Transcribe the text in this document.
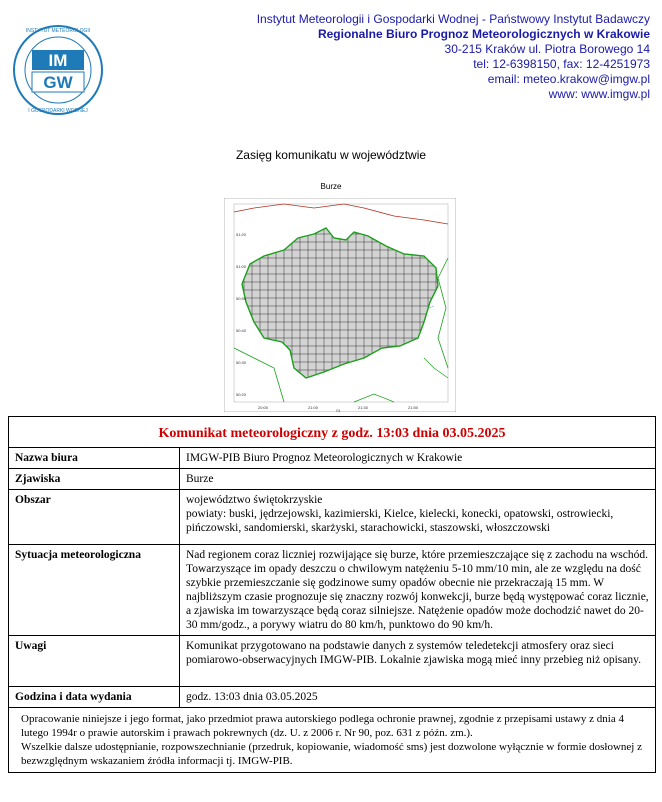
INSTYTUT METEOROLOGII
I GOSPODARKI WODNEJ
IM
GW
Instytut Meteorologii i Gospodarki Wodnej - Państwowy Instytut Badawczy
Regionalne Biuro Prognoz Meteorologicznych w Krakowie
30-215 Kraków ul. Piotra Borowego 14
tel: 12-6398150, fax: 12-4251973
email: meteo.krakow@imgw.pl
www: www.imgw.pl
Zasięg komunikatu w województwie
Burze
51:20
51:00
50:50
50:40
50:30
50:20
20:00	21:00	21:30	21:50
G1
Komunikat meteorologiczny z godz. 13:03 dnia 03.05.2025	
Nazwa biura	IMGW-PIB Biuro Prognoz Meteorologicznych w Krakowie
Zjawiska	Burze
Obszar	województwo świętokrzyskie
powiaty: buski, jędrzejowski, kazimierski, Kielce, kielecki, konecki, opatowski, ostrowiecki, pińczowski, sandomierski, skarżyski, starachowicki, staszowski, włoszczowski

Sytuacja meteorologiczna	Nad regionem coraz liczniej rozwijające się burze, które przemieszczające się z zachodu na wschód. Towarzyszące im opady deszczu o chwilowym natężeniu 5-10 mm/10 min, ale ze względu na dość szybkie przemieszczanie się godzinowe sumy opadów obecnie nie przekraczają 15 mm. W najbliższym czasie prognozuje się znaczny rozwój konwekcji, burze będą występować coraz licznie, a zjawiska im towarzyszące będą coraz silniejsze. Natężenie opadów może dochodzić nawet do 20-30 mm/godz., a porywy wiatru do 80 km/h, punktowo do 90 km/h.
Uwagi	Komunikat przygotowano na podstawie danych z systemów teledetekcji atmosfery oraz sieci pomiarowo-obserwacyjnych IMGW-PIB. Lokalnie zjawiska mogą mieć inny przebieg niż opisany.
Godzina i data wydania	godz. 13:03 dnia 03.05.2025

Opracowanie niniejsze i jego format, jako przedmiot prawa autorskiego podlega ochronie prawnej, zgodnie z przepisami ustawy z dnia 4 lutego 1994r o prawie autorskim i prawach pokrewnych (dz. U. z 2006 r. Nr 90, poz. 631 z późn. zm.).
Wszelkie dalsze udostępnianie, rozpowszechnianie (przedruk, kopiowanie, wiadomość sms) jest dozwolone wyłącznie w formie dosłownej z bezwzględnym wskazaniem źródła informacji tj. IMGW-PIB.	
